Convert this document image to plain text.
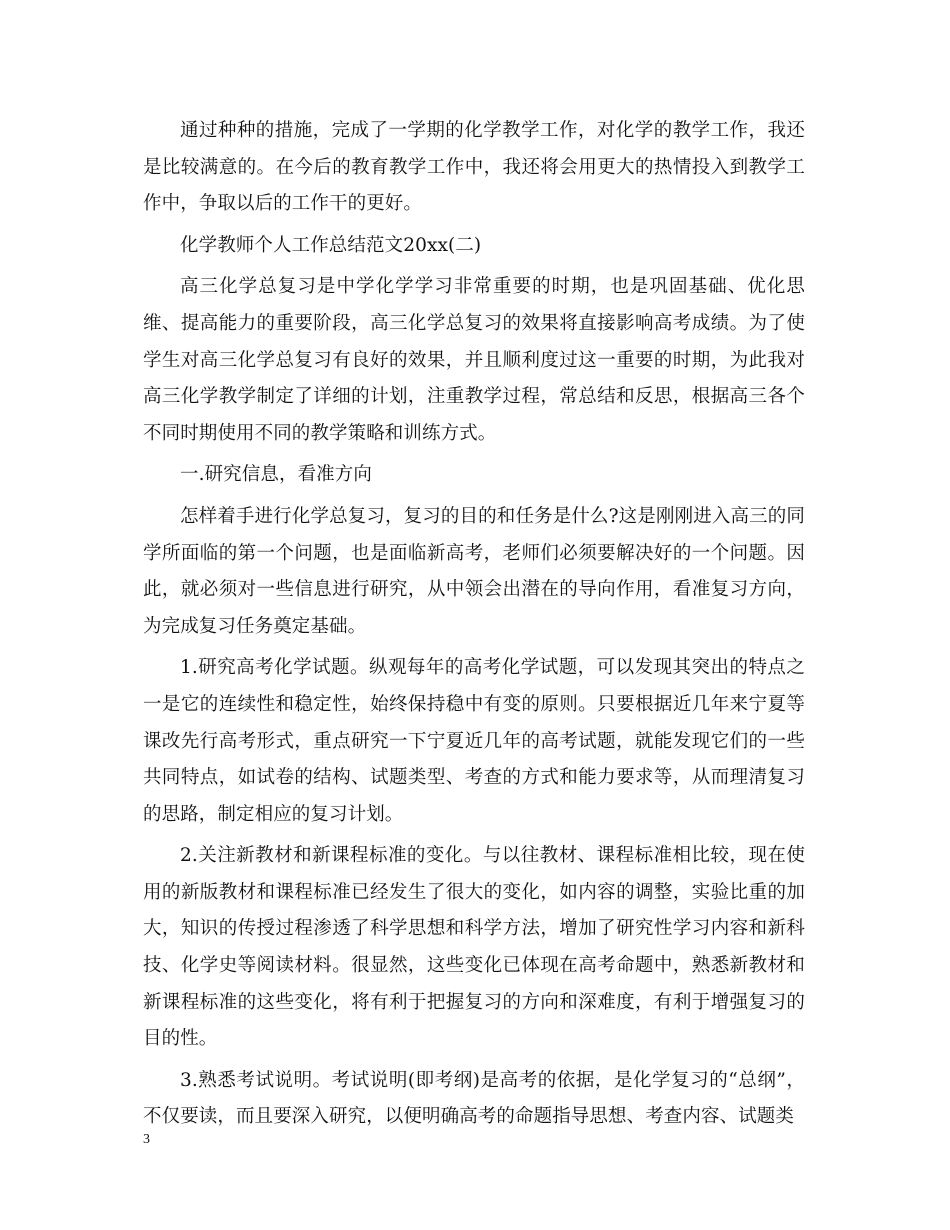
通过种种的措施，完成了一学期的化学教学工作，对化学的教学工作，我还是比较满意的。在今后的教育教学工作中，我还将会用更大的热情投入到教学工作中，争取以后的工作干的更好。

化学教师个人工作总结范文20xx(二)

高三化学总复习是中学化学学习非常重要的时期，也是巩固基础、优化思维、提高能力的重要阶段，高三化学总复习的效果将直接影响高考成绩。为了使学生对高三化学总复习有良好的效果，并且顺利度过这一重要的时期，为此我对高三化学教学制定了详细的计划，注重教学过程，常总结和反思，根据高三各个不同时期使用不同的教学策略和训练方式。

一.研究信息，看准方向

怎样着手进行化学总复习，复习的目的和任务是什么?这是刚刚进入高三的同学所面临的第一个问题，也是面临新高考，老师们必须要解决好的一个问题。因此，就必须对一些信息进行研究，从中领会出潜在的导向作用，看准复习方向，为完成复习任务奠定基础。

1.研究高考化学试题。纵观每年的高考化学试题，可以发现其突出的特点之一是它的连续性和稳定性，始终保持稳中有变的原则。只要根据近几年来宁夏等课改先行高考形式，重点研究一下宁夏近几年的高考试题，就能发现它们的一些共同特点，如试卷的结构、试题类型、考查的方式和能力要求等，从而理清复习的思路，制定相应的复习计划。

2.关注新教材和新课程标准的变化。与以往教材、课程标准相比较，现在使用的新版教材和课程标准已经发生了很大的变化，如内容的调整，实验比重的加大，知识的传授过程渗透了科学思想和科学方法，增加了研究性学习内容和新科技、化学史等阅读材料。很显然，这些变化已体现在高考命题中，熟悉新教材和新课程标准的这些变化，将有利于把握复习的方向和深难度，有利于增强复习的目的性。

3.熟悉考试说明。考试说明(即考纲)是高考的依据，是化学复习的“总纲”，不仅要读，而且要深入研究，以便明确高考的命题指导思想、考查内容、试题类

3
